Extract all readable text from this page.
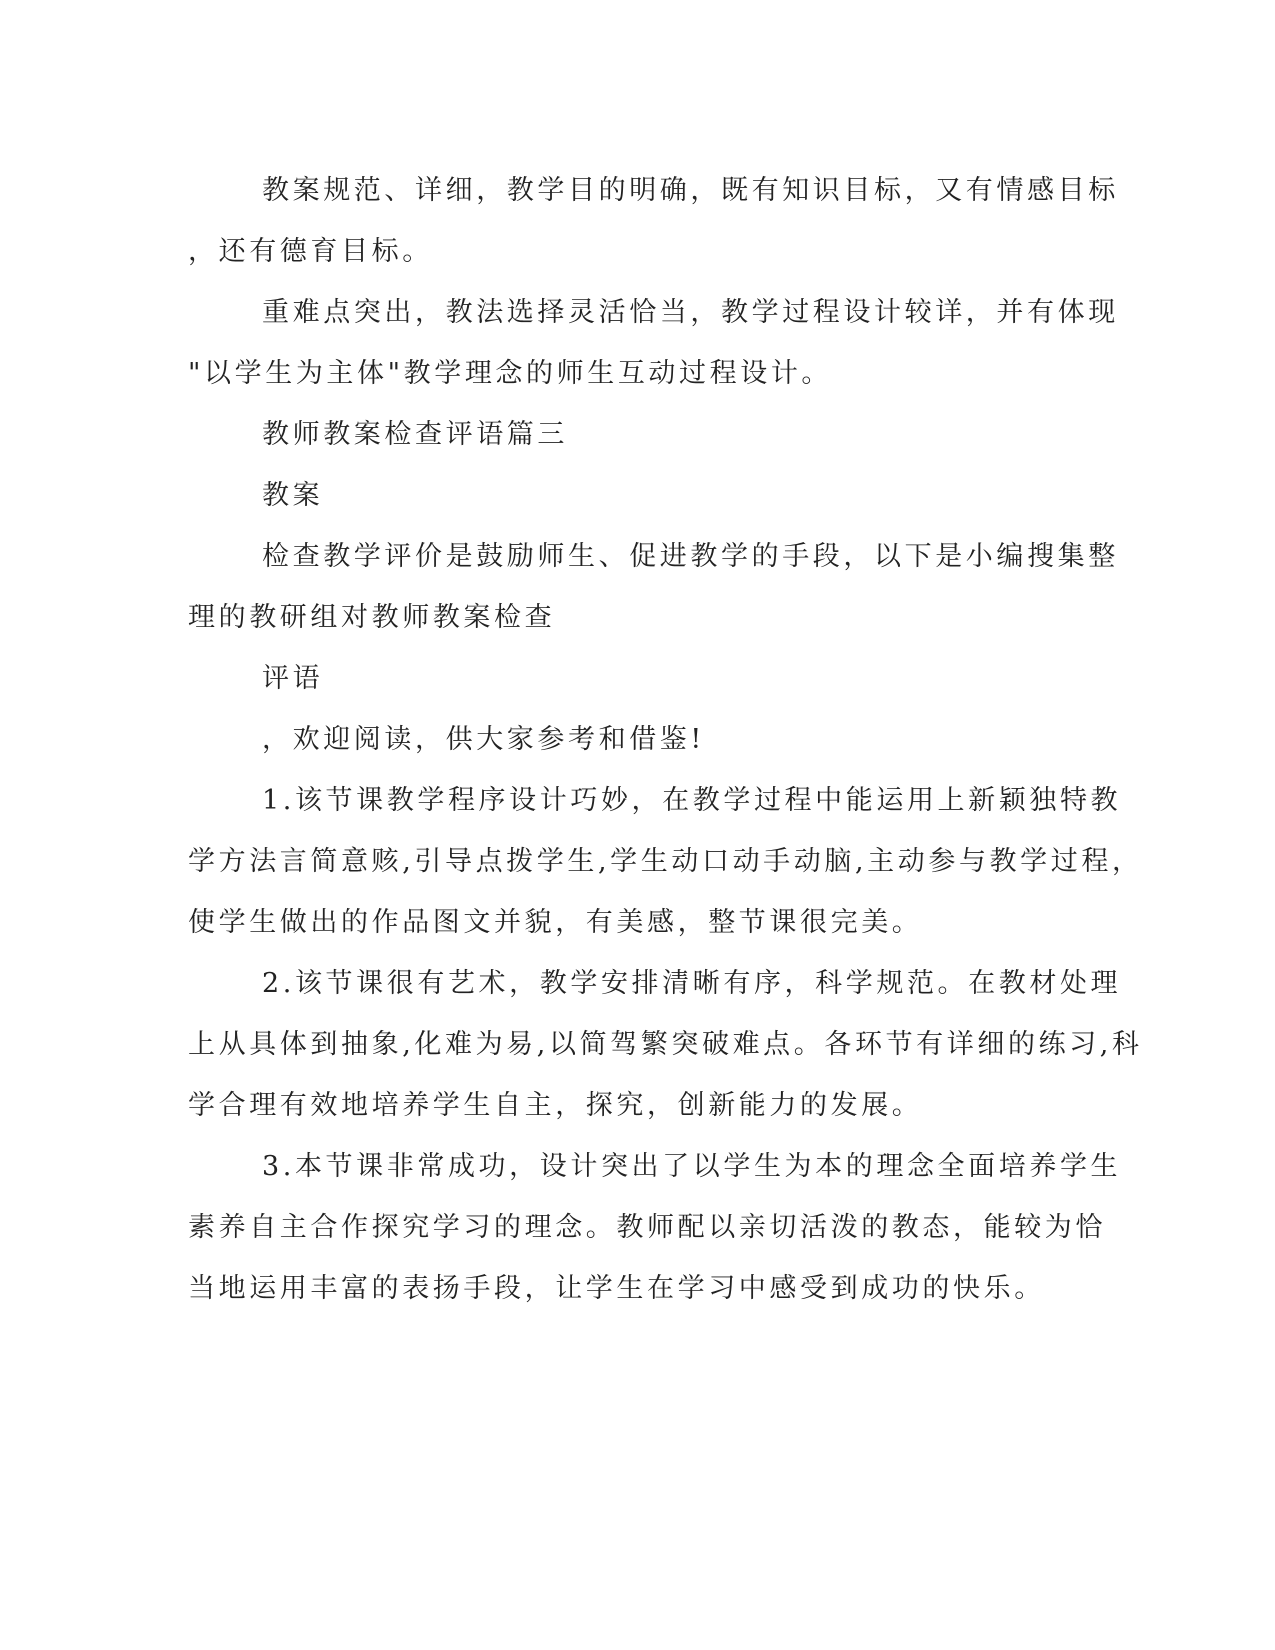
教案规范、详细，教学目的明确，既有知识目标，又有情感目标
，还有德育目标。
重难点突出，教法选择灵活恰当，教学过程设计较详，并有体现
"以学生为主体"教学理念的师生互动过程设计。
教师教案检查评语篇三
教案
检查教学评价是鼓励师生、促进教学的手段，以下是小编搜集整
理的教研组对教师教案检查
评语
，欢迎阅读，供大家参考和借鉴!
1.该节课教学程序设计巧妙，在教学过程中能运用上新颖独特教
学方法言简意赅,引导点拨学生,学生动口动手动脑,主动参与教学过程，
使学生做出的作品图文并貌，有美感，整节课很完美。
2.该节课很有艺术，教学安排清晰有序，科学规范。在教材处理
上从具体到抽象,化难为易,以简驾繁突破难点。各环节有详细的练习,科
学合理有效地培养学生自主，探究，创新能力的发展。
3.本节课非常成功，设计突出了以学生为本的理念全面培养学生
素养自主合作探究学习的理念。教师配以亲切活泼的教态，能较为恰
当地运用丰富的表扬手段，让学生在学习中感受到成功的快乐。
